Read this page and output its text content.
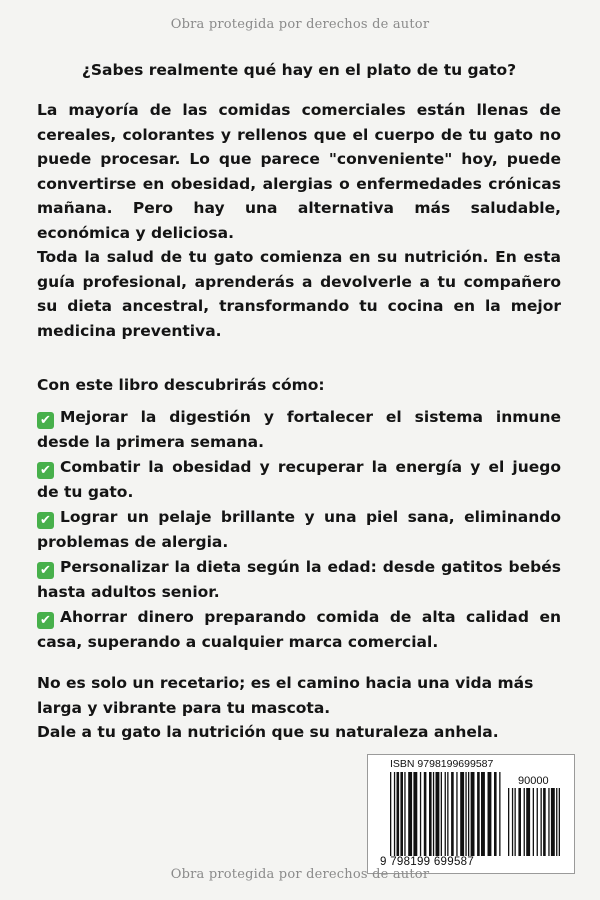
Obra protegida por derechos de autor
¿Sabes realmente qué hay en el plato de tu gato?

La mayoría de las comidas comerciales están llenas de cereales, colorantes y rellenos que el cuerpo de tu gato no puede procesar. Lo que parece "conveniente" hoy, puede convertirse en obesidad, alergias o enfermedades crónicas mañana. Pero hay una alternativa más saludable, económica y deliciosa.

Toda la salud de tu gato comienza en su nutrición. En esta guía profesional, aprenderás a devolverle a tu compañero su dieta ancestral, transformando tu cocina en la mejor medicina preventiva.

Con este libro descubrirás cómo:
✔ Mejorar la digestión y fortalecer el sistema inmune desde la primera semana.
✔ Combatir la obesidad y recuperar la energía y el juego de tu gato.
✔ Lograr un pelaje brillante y una piel sana, eliminando problemas de alergia.
✔ Personalizar la dieta según la edad: desde gatitos bebés hasta adultos senior.
✔ Ahorrar dinero preparando comida de alta calidad en casa, superando a cualquier marca comercial.

No es solo un recetario; es el camino hacia una vida más larga y vibrante para tu mascota.

Dale a tu gato la nutrición que su naturaleza anhela.

ISBN 9798199699587
90000
9 798199 699587
Obra protegida por derechos de autor
